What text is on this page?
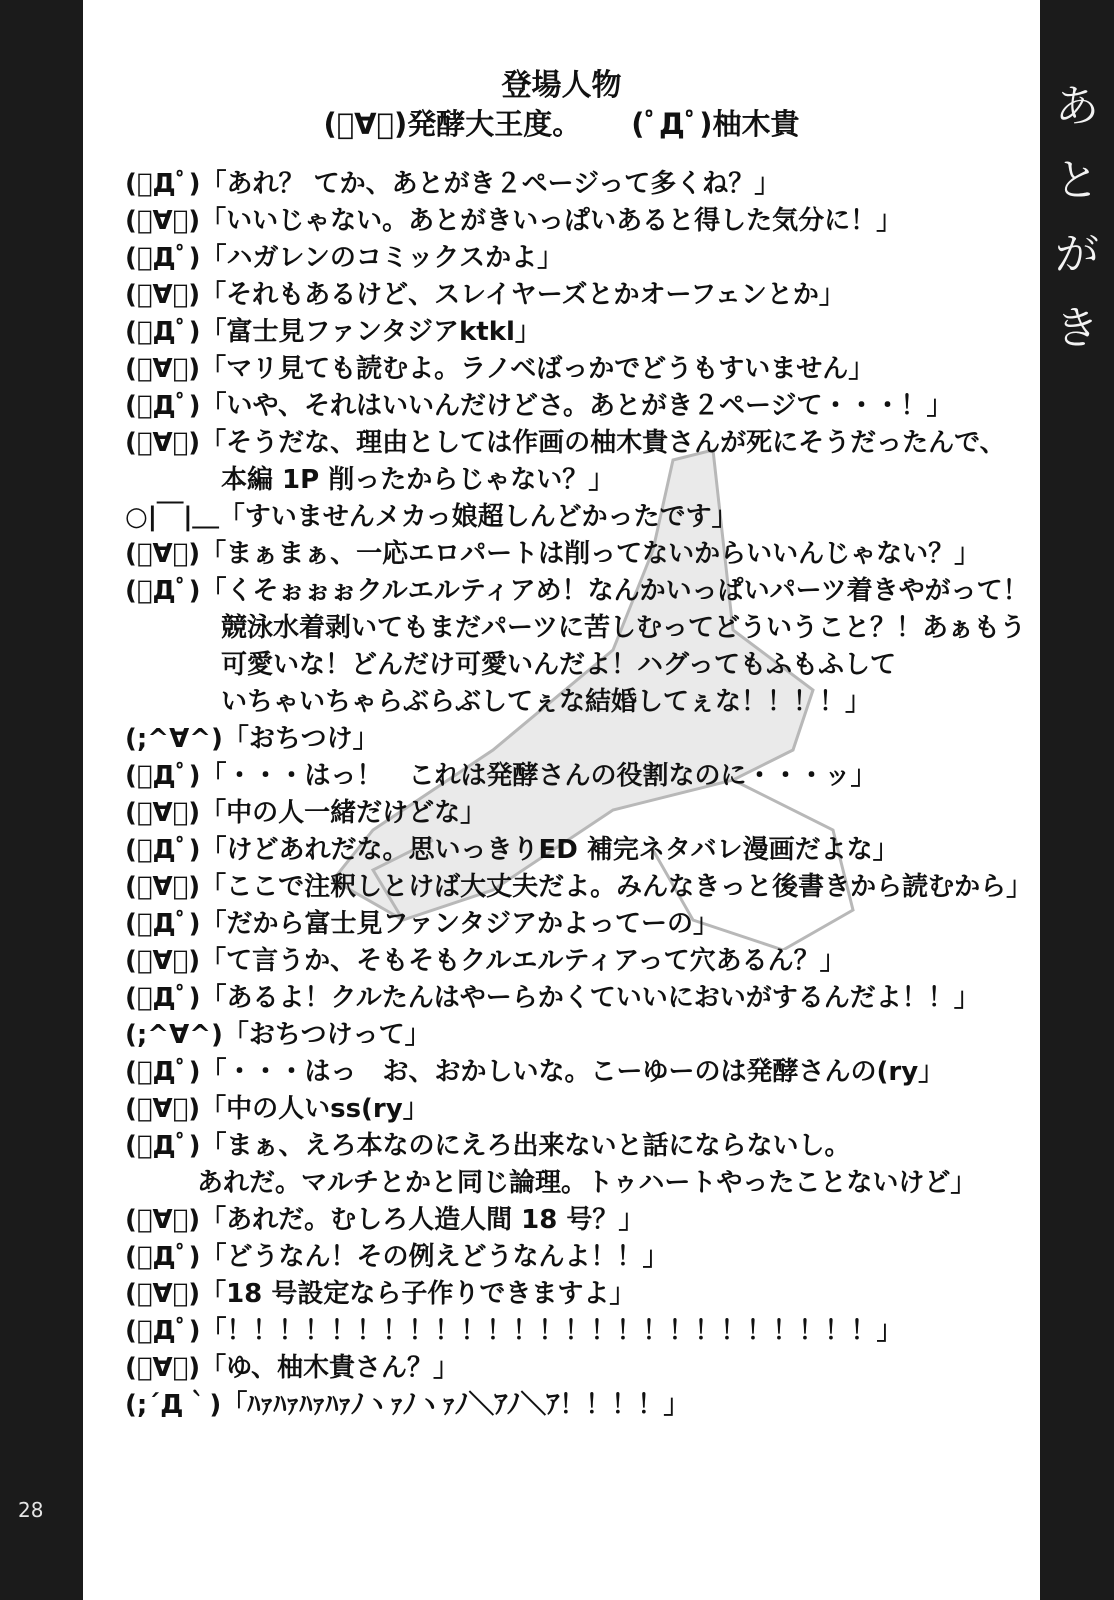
28
登場人物
(ﾟ∀ﾟ)発酵大王度。 (ﾟДﾟ)柚木貴
(ﾟДﾟ)「あれ？ てか、あとがき２ページって多くね？」
(ﾟ∀ﾟ)「いいじゃない。あとがきいっぱいあると得した気分に！」
(ﾟДﾟ)「ハガレンのコミックスかよ」
(ﾟ∀ﾟ)「それもあるけど、スレイヤーズとかオーフェンとか」
(ﾟДﾟ)「富士見ファンタジアktkl」
(ﾟ∀ﾟ)「マリ見ても読むよ。ラノベばっかでどうもすいません」
(ﾟДﾟ)「いや、それはいいんだけどさ。あとがき２ページて・・・！」
(ﾟ∀ﾟ)「そうだな、理由としては作画の柚木貴さんが死にそうだったんで、
本編 1P 削ったからじゃない？」
○|￣|＿「すいませんメカっ娘超しんどかったです」
(ﾟ∀ﾟ)「まぁまぁ、一応エロパートは削ってないからいいんじゃない？」
(ﾟДﾟ)「くそぉぉぉクルエルティアめ！なんかいっぱいパーツ着きやがって！
競泳水着剥いてもまだパーツに苦しむってどういうこと？！あぁもう
可愛いな！どんだけ可愛いんだよ！ハグってもふもふして
いちゃいちゃらぶらぶしてぇな結婚してぇな！！！！」
(;^∀^)「おちつけ」
(ﾟДﾟ)「・・・はっ！　これは発酵さんの役割なのに・・・ッ」
(ﾟ∀ﾟ)「中の人一緒だけどな」
(ﾟДﾟ)「けどあれだな。思いっきりED 補完ネタバレ漫画だよな」
(ﾟ∀ﾟ)「ここで注釈しとけば大丈夫だよ。みんなきっと後書きから読むから」
(ﾟДﾟ)「だから富士見ファンタジアかよってーの」
(ﾟ∀ﾟ)「て言うか、そもそもクルエルティアって穴あるん？」
(ﾟДﾟ)「あるよ！クルたんはやーらかくていいにおいがするんだよ！！」
(;^∀^)「おちつけって」
(ﾟДﾟ)「・・・はっ　お、おかしいな。こーゆーのは発酵さんの(ry」
(ﾟ∀ﾟ)「中の人いss(ry」
(ﾟДﾟ)「まぁ、えろ本なのにえろ出来ないと話にならないし。
あれだ。マルチとかと同じ論理。トゥハートやったことないけど」
(ﾟ∀ﾟ)「あれだ。むしろ人造人間 18 号？」
(ﾟДﾟ)「どうなん！その例えどうなんよ！！」
(ﾟ∀ﾟ)「18 号設定なら子作りできますよ」
(ﾟДﾟ)「！！！！！！！！！！！！！！！！！！！！！！！！！」
(ﾟ∀ﾟ)「ゆ、柚木貴さん？」
(;´Д｀)「ﾊｧﾊｧﾊｧﾊｧﾉヽｧﾉヽｧﾉ＼ｱﾉ＼ｱ！！！！」
あ
と
が
き
